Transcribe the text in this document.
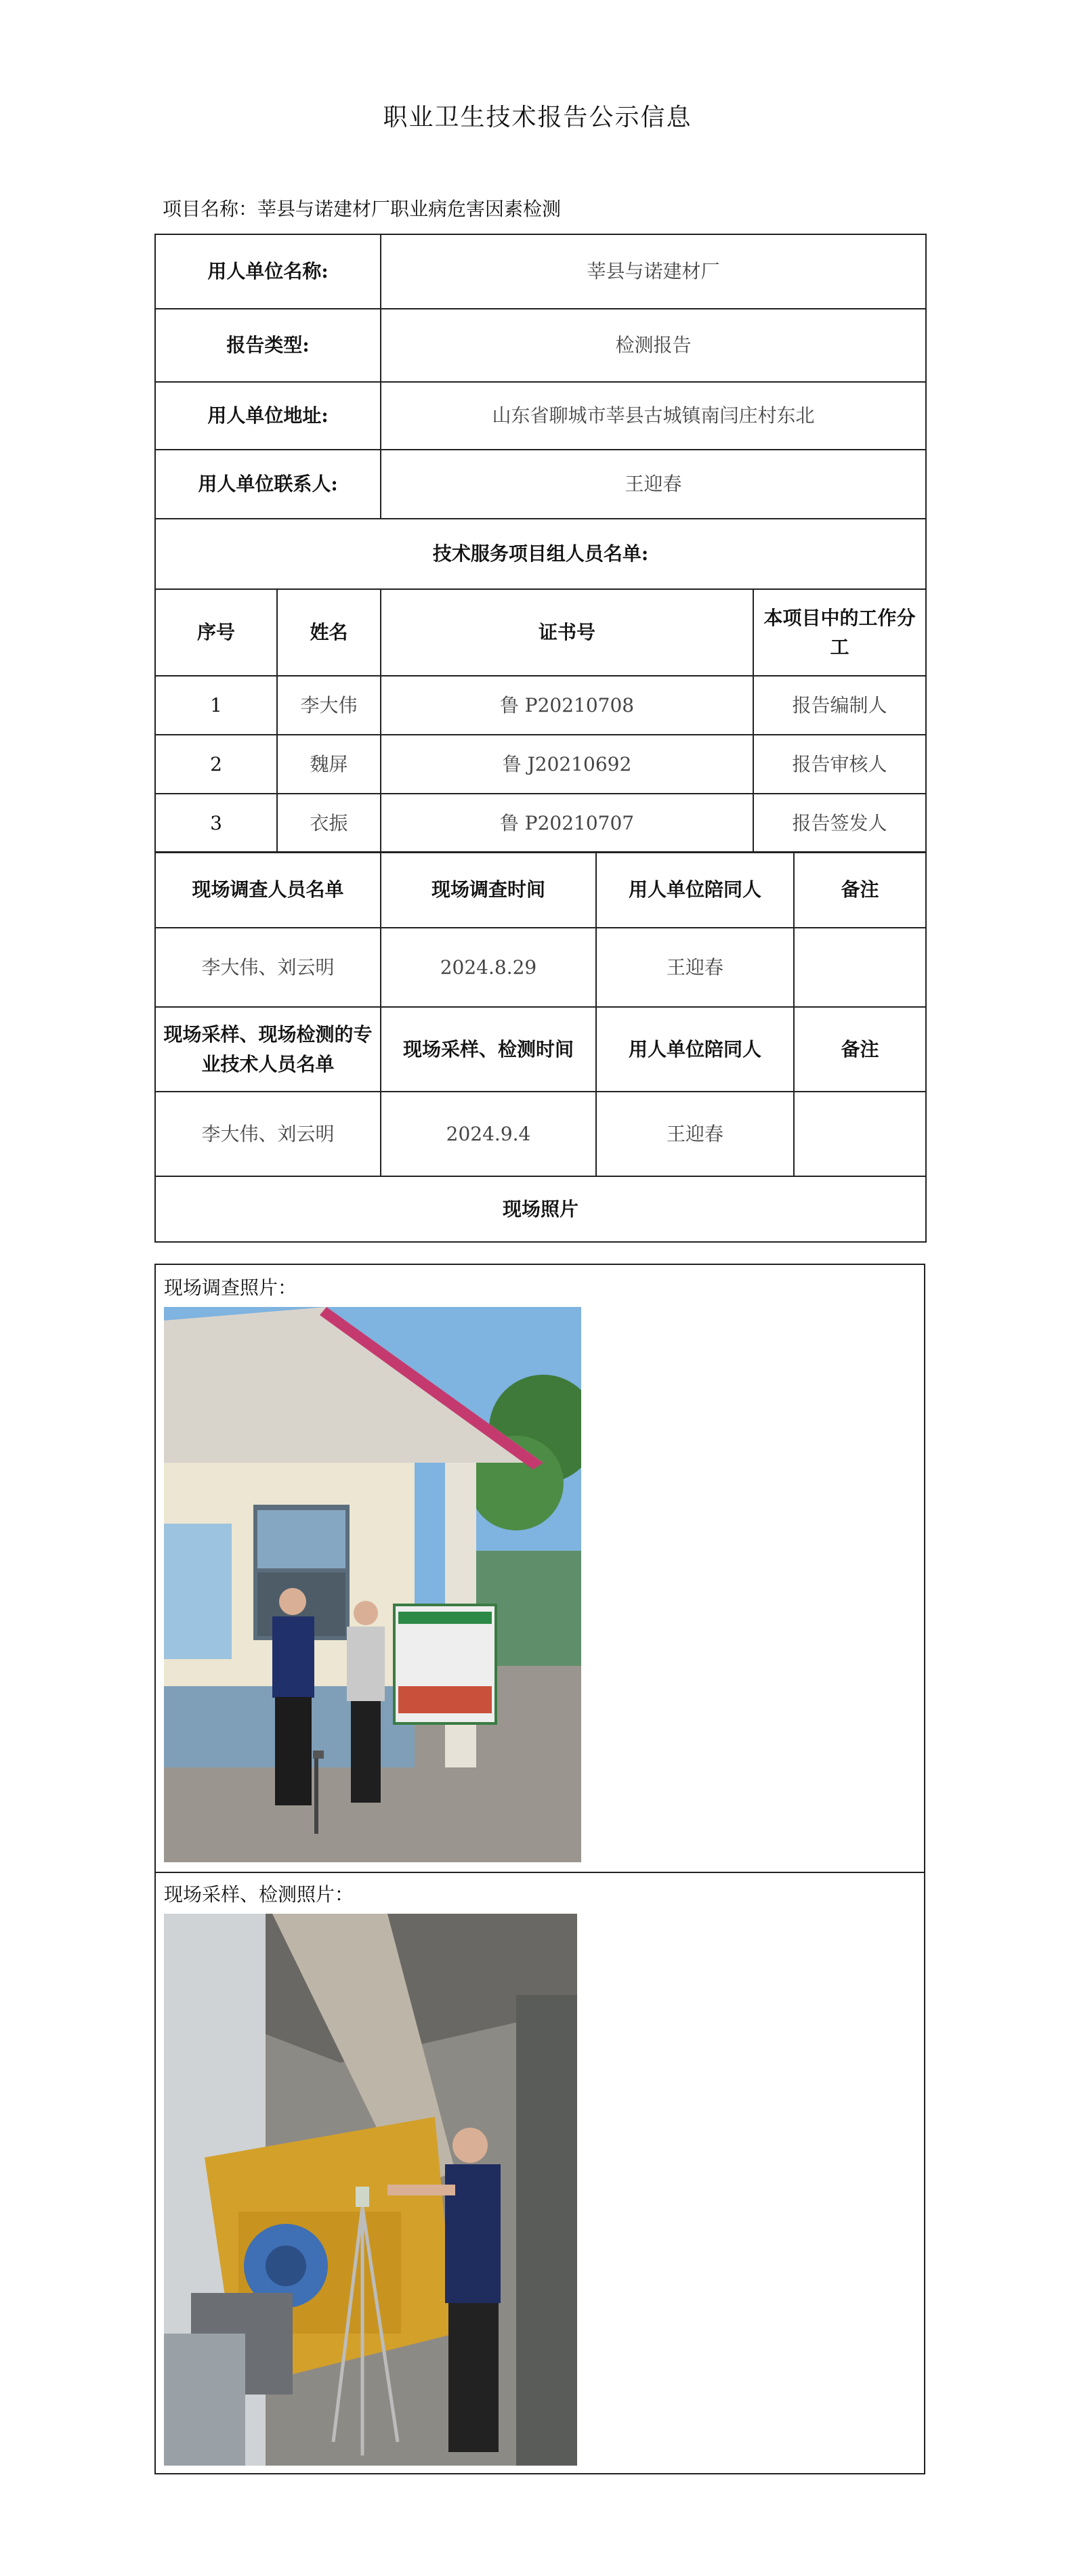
职业卫生技术报告公示信息
项目名称：莘县与诺建材厂职业病危害因素检测
用人单位名称:		莘县与诺建材厂	
报告类型:		检测报告	
用人单位地址:		山东省聊城市莘县古城镇南闫庄村东北	
用人单位联系人:		王迎春	
技术服务项目组人员名单:			
序号	姓名	证书号	本项目中的工作分工
1	李大伟	鲁 P20210708	报告编制人
2	魏屏	鲁 J20210692	报告审核人
3	衣振	鲁 P20210707	报告签发人
现场调查人员名单	现场调查时间	用人单位陪同人	备注
李大伟、刘云明	2024.8.29	王迎春	
现场采样、现场检测的专业技术人员名单	现场采样、检测时间	用人单位陪同人	备注
李大伟、刘云明	2024.9.4	王迎春	
现场照片			
现场调查照片：
现场采样、检测照片：
